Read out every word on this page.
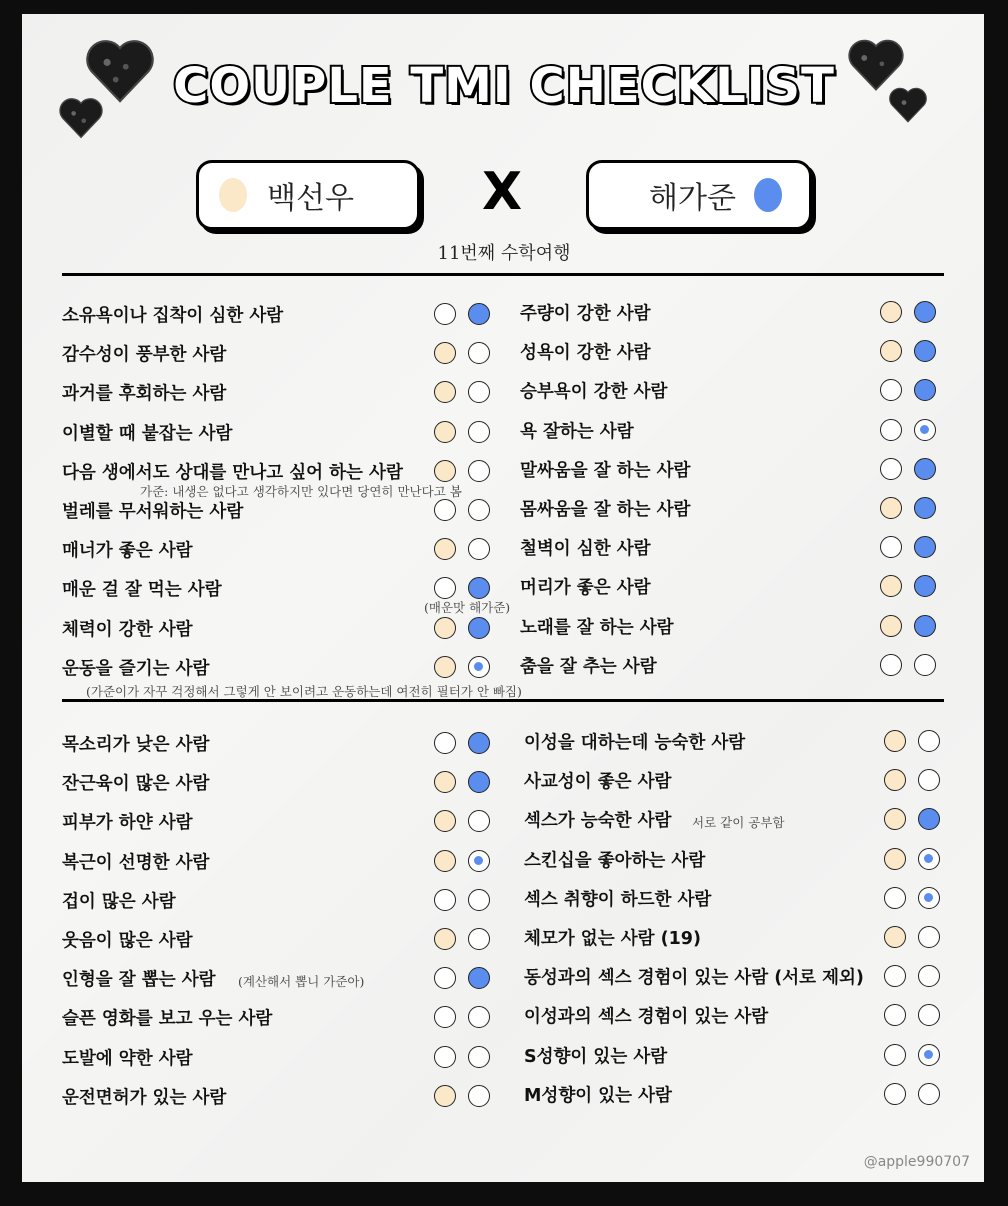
COUPLE TMI CHECKLIST
백선우 X	해가준
11번째 수학여행
소유욕이나 집착이 심한 사람
감수성이 풍부한 사람
과거를 후회하는 사람
이별할 때 붙잡는 사람
다음 생에서도 상대를 만나고 싶어 하는 사람
벌레를 무서워하는 사람
매너가 좋은 사람
매운 걸 잘 먹는 사람
체력이 강한 사람
운동을 즐기는 사람
주량이 강한 사람
성욕이 강한 사람
승부욕이 강한 사람
욕 잘하는 사람
말싸움을 잘 하는 사람
몸싸움을 잘 하는 사람
철벽이 심한 사람
머리가 좋은 사람
노래를 잘 하는 사람
춤을 잘 추는 사람
목소리가 낮은 사람
잔근육이 많은 사람
피부가 하얀 사람
복근이 선명한 사람
겁이 많은 사람
웃음이 많은 사람
인형을 잘 뽑는 사람
슬픈 영화를 보고 우는 사람
도발에 약한 사람
운전면허가 있는 사람
이성을 대하는데 능숙한 사람
사교성이 좋은 사람
섹스가 능숙한 사람
스킨십을 좋아하는 사람
섹스 취향이 하드한 사람
체모가 없는 사람 (19)
동성과의 섹스 경험이 있는 사람 (서로 제외)
이성과의 섹스 경험이 있는 사람
S성향이 있는 사람
M성향이 있는 사람
가준: 내생은 없다고 생각하지만 있다면 당연히 만난다고 봄
(매운맛 해가준)
(가준이가 자꾸 걱정해서 그렇게 안 보이려고 운동하는데 여전히 필터가 안 빠짐)
(계산해서 뽑니 가준아)
서로 같이 공부함
@apple990707
